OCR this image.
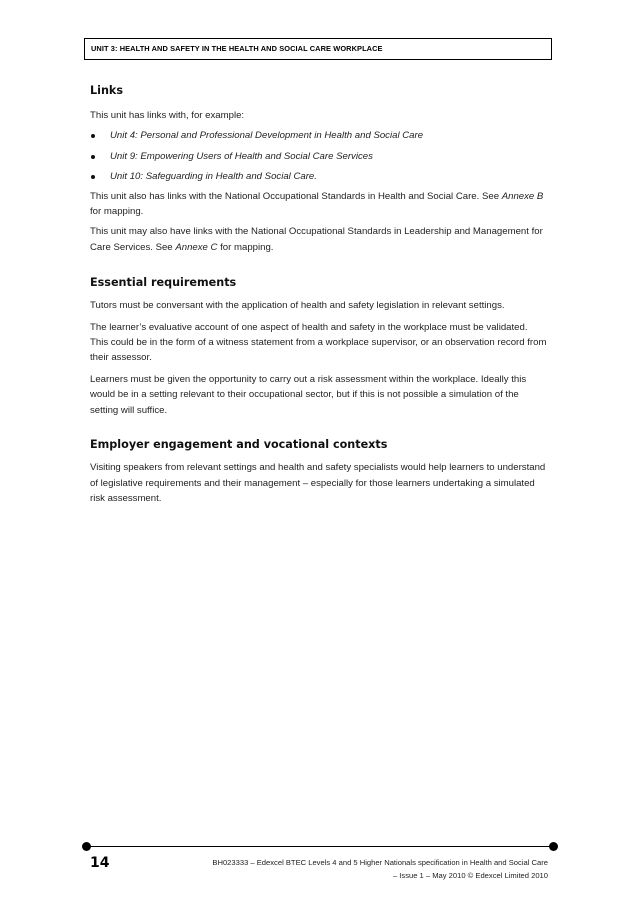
UNIT 3: HEALTH AND SAFETY IN THE HEALTH AND SOCIAL CARE WORKPLACE
Links

This unit has links with, for example:

Unit 4: Personal and Professional Development in Health and Social Care
Unit 9: Empowering Users of Health and Social Care Services
Unit 10: Safeguarding in Health and Social Care.

This unit also has links with the National Occupational Standards in Health and Social Care. See Annexe B for mapping.

This unit may also have links with the National Occupational Standards in Leadership and Management for Care Services. See Annexe C for mapping.

Essential requirements

Tutors must be conversant with the application of health and safety legislation in relevant settings.

The learner’s evaluative account of one aspect of health and safety in the workplace must be validated. This could be in the form of a witness statement from a workplace supervisor, or an observation record from their assessor.

Learners must be given the opportunity to carry out a risk assessment within the workplace. Ideally this would be in a setting relevant to their occupational sector, but if this is not possible a simulation of the setting will suffice.

Employer engagement and vocational contexts

Visiting speakers from relevant settings and health and safety specialists would help learners to understand of legislative requirements and their management – especially for those learners undertaking a simulated risk assessment.

14	BH023333 – Edexcel BTEC Levels 4 and 5 Higher Nationals specification in Health and Social Care
– Issue 1 – May 2010 © Edexcel Limited 2010
